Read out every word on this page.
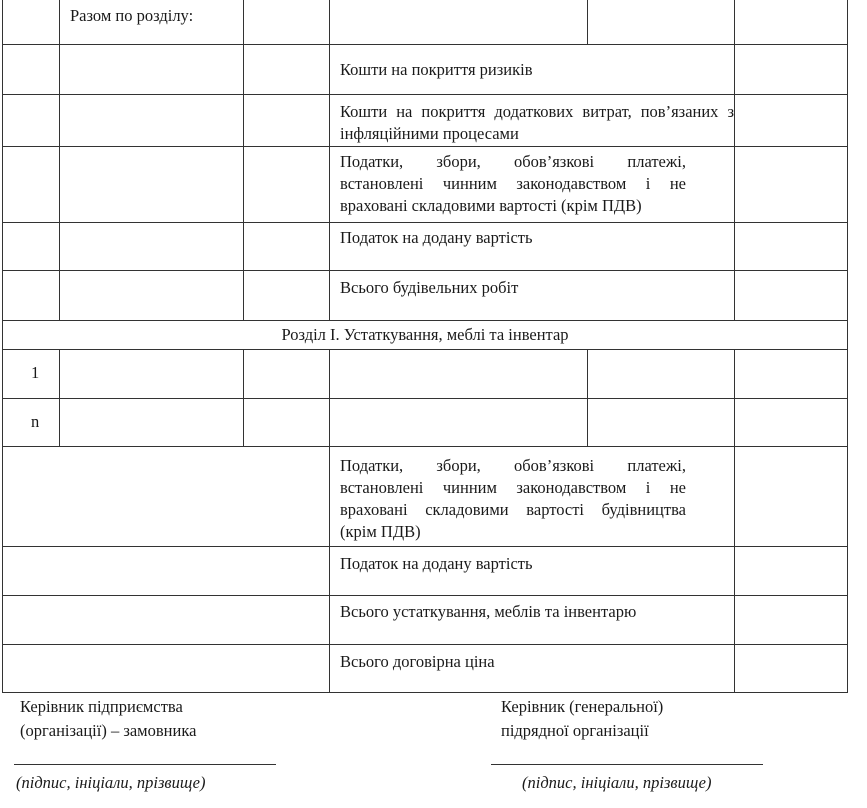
	Разом по розділу:				
			Кошти на покриття ризиків		
			Кошти на покриття додаткових витрат, пов’язаних з інфляційними процесами		
			Податки, збори, обов’язкові платежі, встановлені чинним законодавством і не враховані складовими вартості (крім ПДВ)		
			Податок на додану вартість		
			Всього будівельних робіт		
Розділ І. Устаткування, меблі та інвентар					
1					
n					
			Податки, збори, обов’язкові платежі, встановлені чинним законодавством і не враховані складовими вартості будівництва (крім ПДВ)		
			Податок на додану вартість		
			Всього устаткування, меблів та інвентарю		
			Всього договірна ціна		
Керівник підприємства
(організації) – замовника
(підпис, ініціали, прізвище)
Керівник (генеральної)
підрядної організації
(підпис, ініціали, прізвище)
